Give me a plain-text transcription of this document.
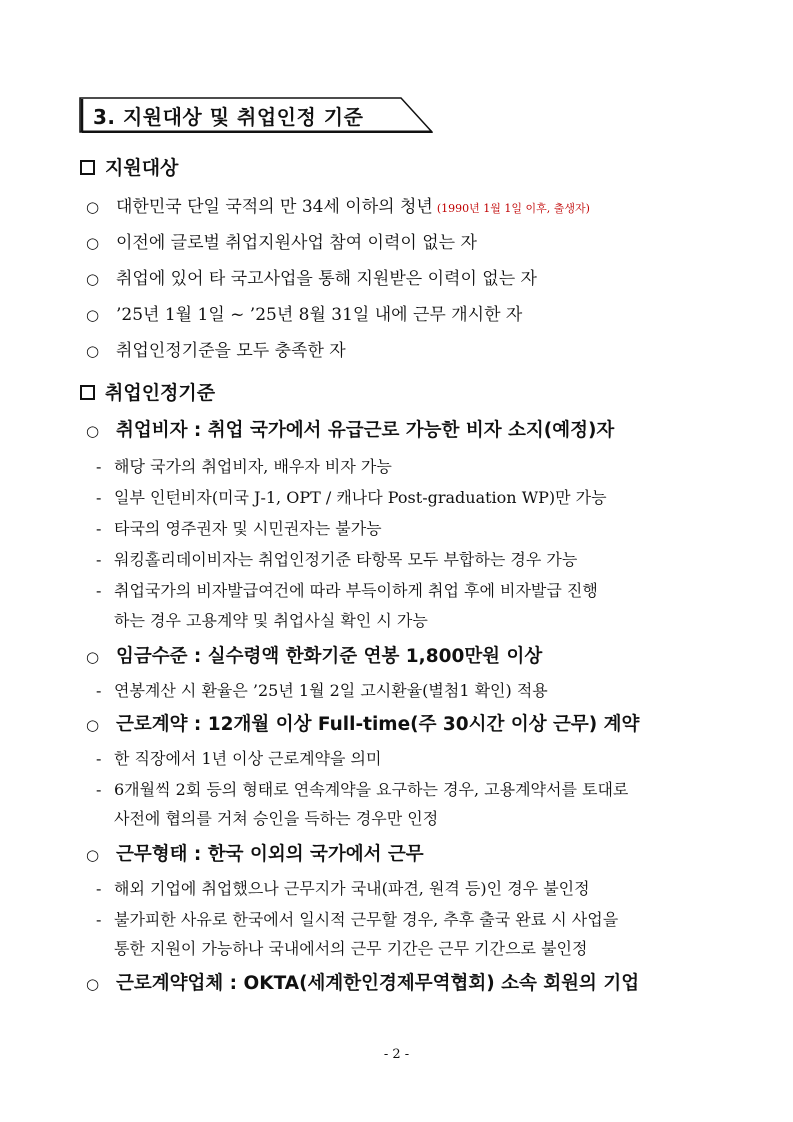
3. 지원대상 및 취업인정 기준
지원대상
○ 대한민국 단일 국적의 만 34세 이하의 청년 (1990년 1월 1일 이후, 출생자)
○ 이전에 글로벌 취업지원사업 참여 이력이 없는 자
○ 취업에 있어 타 국고사업을 통해 지원받은 이력이 없는 자
○ ’25년 1월 1일 ~ ’25년 8월 31일 내에 근무 개시한 자
○ 취업인정기준을 모두 충족한 자
취업인정기준
○ 취업비자 : 취업 국가에서 유급근로 가능한 비자 소지(예정)자
- 해당 국가의 취업비자, 배우자 비자 가능
- 일부 인턴비자(미국 J-1, OPT / 캐나다 Post-graduation WP)만 가능
- 타국의 영주권자 및 시민권자는 불가능
- 워킹홀리데이비자는 취업인정기준 타항목 모두 부합하는 경우 가능
- 취업국가의 비자발급여건에 따라 부득이하게 취업 후에 비자발급 진행
하는 경우 고용계약 및 취업사실 확인 시 가능
○ 임금수준 : 실수령액 한화기준 연봉 1,800만원 이상
- 연봉계산 시 환율은 ’25년 1월 2일 고시환율(별첨1 확인) 적용
○ 근로계약 : 12개월 이상 Full-time(주 30시간 이상 근무) 계약
- 한 직장에서 1년 이상 근로계약을 의미
- 6개월씩 2회 등의 형태로 연속계약을 요구하는 경우, 고용계약서를 토대로
사전에 협의를 거쳐 승인을 득하는 경우만 인정
○ 근무형태 : 한국 이외의 국가에서 근무
- 해외 기업에 취업했으나 근무지가 국내(파견, 원격 등)인 경우 불인정
- 불가피한 사유로 한국에서 일시적 근무할 경우, 추후 출국 완료 시 사업을
통한 지원이 가능하나 국내에서의 근무 기간은 근무 기간으로 불인정
○ 근로계약업체 : OKTA(세계한인경제무역협회) 소속 회원의 기업
- 2 -
